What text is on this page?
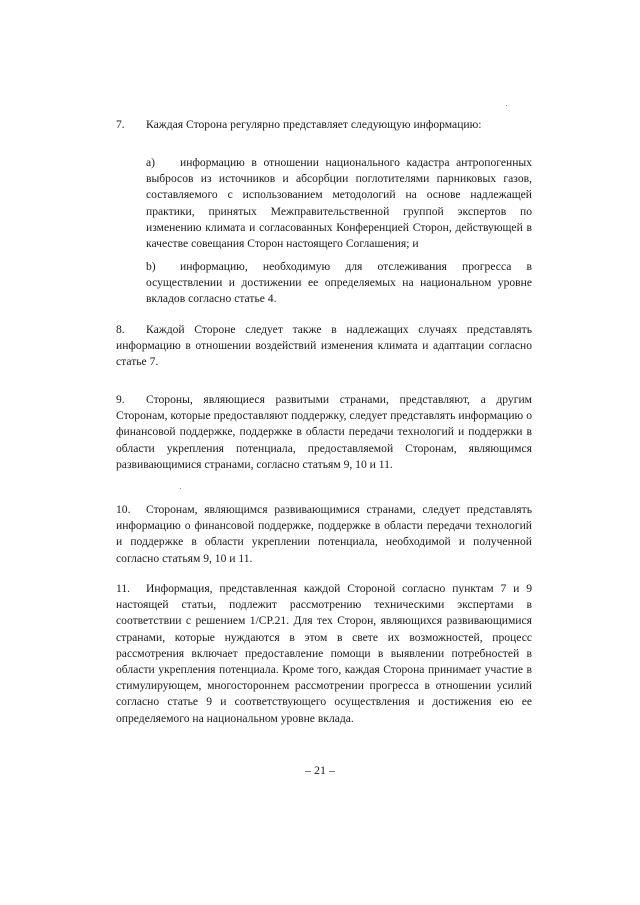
7. Каждая Сторона регулярно представляет следующую информацию:

a) информацию в отношении национального кадастра антропогенных выбросов из источников и абсорбции поглотителями парниковых газов, составляемого с использованием методологий на основе надлежащей практики, принятых Межправительственной группой экспертов по изменению климата и согласованных Конференцией Сторон, действующей в качестве совещания Сторон настоящего Соглашения; и

b) информацию, необходимую для отслеживания прогресса в осуществлении и достижении ее определяемых на национальном уровне вкладов согласно статье 4.

8. Каждой Стороне следует также в надлежащих случаях представлять информацию в отношении воздействий изменения климата и адаптации согласно статье 7.

9. Стороны, являющиеся развитыми странами, представляют, а другим Сторонам, которые предоставляют поддержку, следует представлять информацию о финансовой поддержке, поддержке в области передачи технологий и поддержки в области укрепления потенциала, предоставляемой Сторонам, являющимся развивающимися странами, согласно статьям 9, 10 и 11.

10. Сторонам, являющимся развивающимися странами, следует представлять информацию о финансовой поддержке, поддержке в области передачи технологий и поддержке в области укреплении потенциала, необходимой и полученной согласно статьям 9, 10 и 11.

11. Информация, представленная каждой Стороной согласно пунктам 7 и 9 настоящей статьи, подлежит рассмотрению техническими экспертами в соответствии с решением 1/CP.21. Для тех Сторон, являющихся развивающимися странами, которые нуждаются в этом в свете их возможностей, процесс рассмотрения включает предоставление помощи в выявлении потребностей в области укрепления потенциала. Кроме того, каждая Сторона принимает участие в стимулирующем, многостороннем рассмотрении прогресса в отношении усилий согласно статье 9 и соответствующего осуществления и достижения ею ее определяемого на национальном уровне вклада.

– 21 –
